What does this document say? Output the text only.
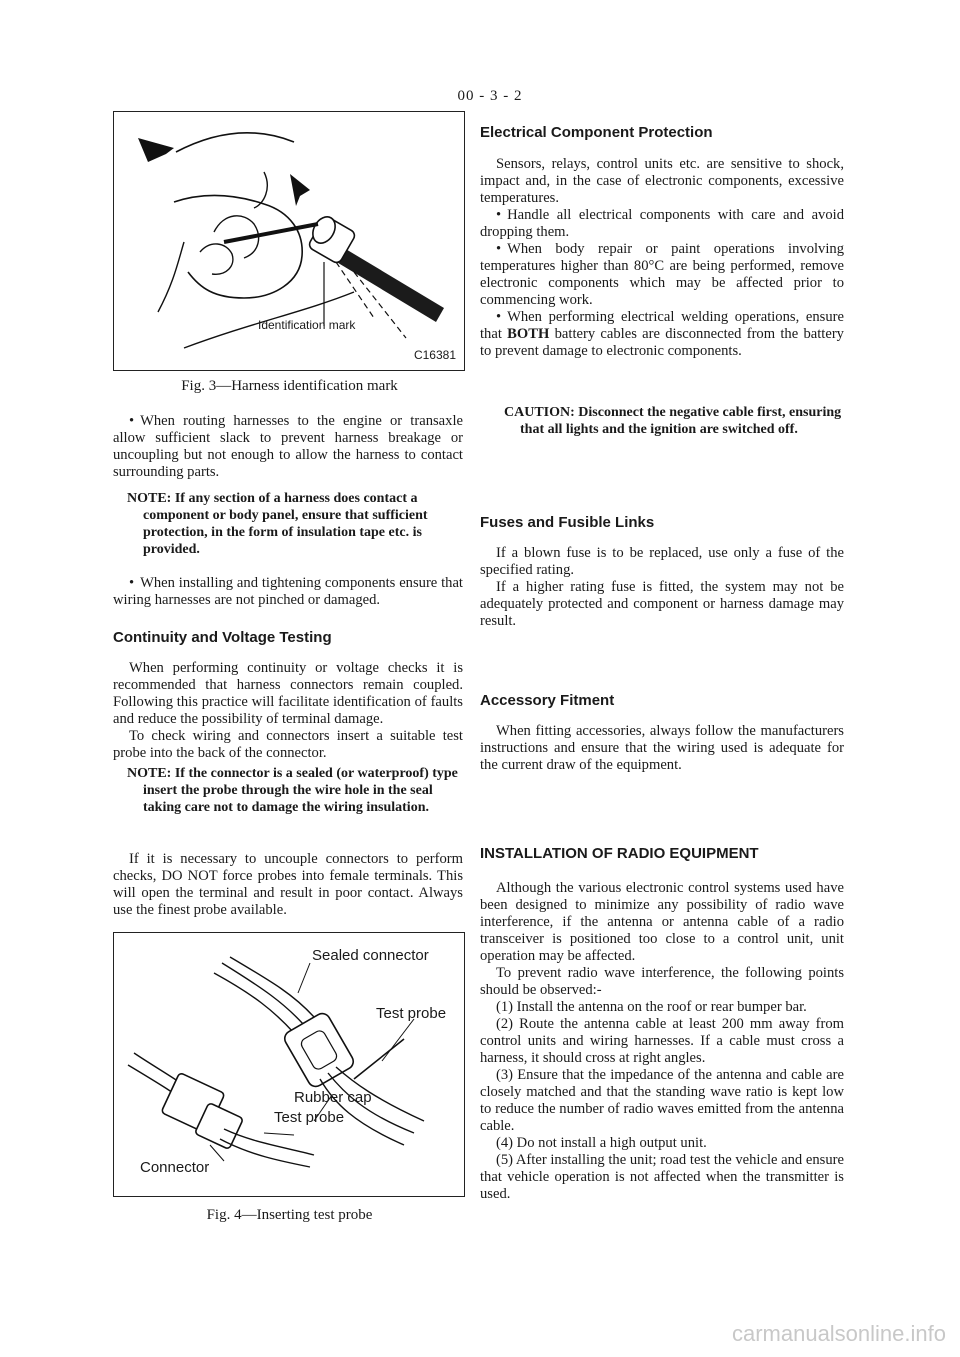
00 - 3 - 2
Identification mark
C16381
Fig. 3—Harness identification mark

• When routing harnesses to the engine or transaxle allow sufficient slack to prevent harness breakage or uncoupling but not enough to allow the harness to contact surrounding parts.

NOTE: If any section of a harness does contact a component or body panel, ensure that sufficient protection, in the form of insulation tape etc. is provided.

• When installing and tightening components ensure that wiring harnesses are not pinched or damaged.

Continuity and Voltage Testing

When performing continuity or voltage checks it is recommended that harness connectors remain coupled. Following this practice will facilitate identification of faults and reduce the possibility of terminal damage.

To check wiring and connectors insert a suitable test probe into the back of the connector.

NOTE: If the connector is a sealed (or waterproof) type insert the probe through the wire hole in the seal taking care not to damage the wiring insulation.

If it is necessary to uncouple connectors to perform checks, DO NOT force probes into female terminals. This will open the terminal and result in poor contact. Always use the finest probe available.

Sealed connector
Test probe
Rubber cap
Test probe
Connector
Fig. 4—Inserting test probe
Electrical Component Protection

Sensors, relays, control units etc. are sensitive to shock, impact and, in the case of electronic components, excessive temperatures.

• Handle all electrical components with care and avoid dropping them.

• When body repair or paint operations involving temperatures higher than 80°C are being performed, remove electronic components which may be affected prior to commencing work.

• When performing electrical welding operations, ensure that BOTH battery cables are disconnected from the battery to prevent damage to electronic components.

CAUTION: Disconnect the negative cable first, ensuring that all lights and the ignition are switched off.

Fuses and Fusible Links

If a blown fuse is to be replaced, use only a fuse of the specified rating.

If a higher rating fuse is fitted, the system may not be adequately protected and component or harness damage may result.

Accessory Fitment

When fitting accessories, always follow the manufacturers instructions and ensure that the wiring used is adequate for the current draw of the equipment.

INSTALLATION OF RADIO EQUIPMENT

Although the various electronic control systems used have been designed to minimize any possibility of radio wave interference, if the antenna or antenna cable of a radio transceiver is positioned too close to a control unit, unit operation may be affected.

To prevent radio wave interference, the following points should be observed:-

(1) Install the antenna on the roof or rear bumper bar.

(2) Route the antenna cable at least 200 mm away from control units and wiring harnesses. If a cable must cross a harness, it should cross at right angles.

(3) Ensure that the impedance of the antenna and cable are closely matched and that the standing wave ratio is kept low to reduce the number of radio waves emitted from the antenna cable.

(4) Do not install a high output unit.

(5) After installing the unit; road test the vehicle and ensure that vehicle operation is not affected when the transmitter is used.

carmanualsonline.info
